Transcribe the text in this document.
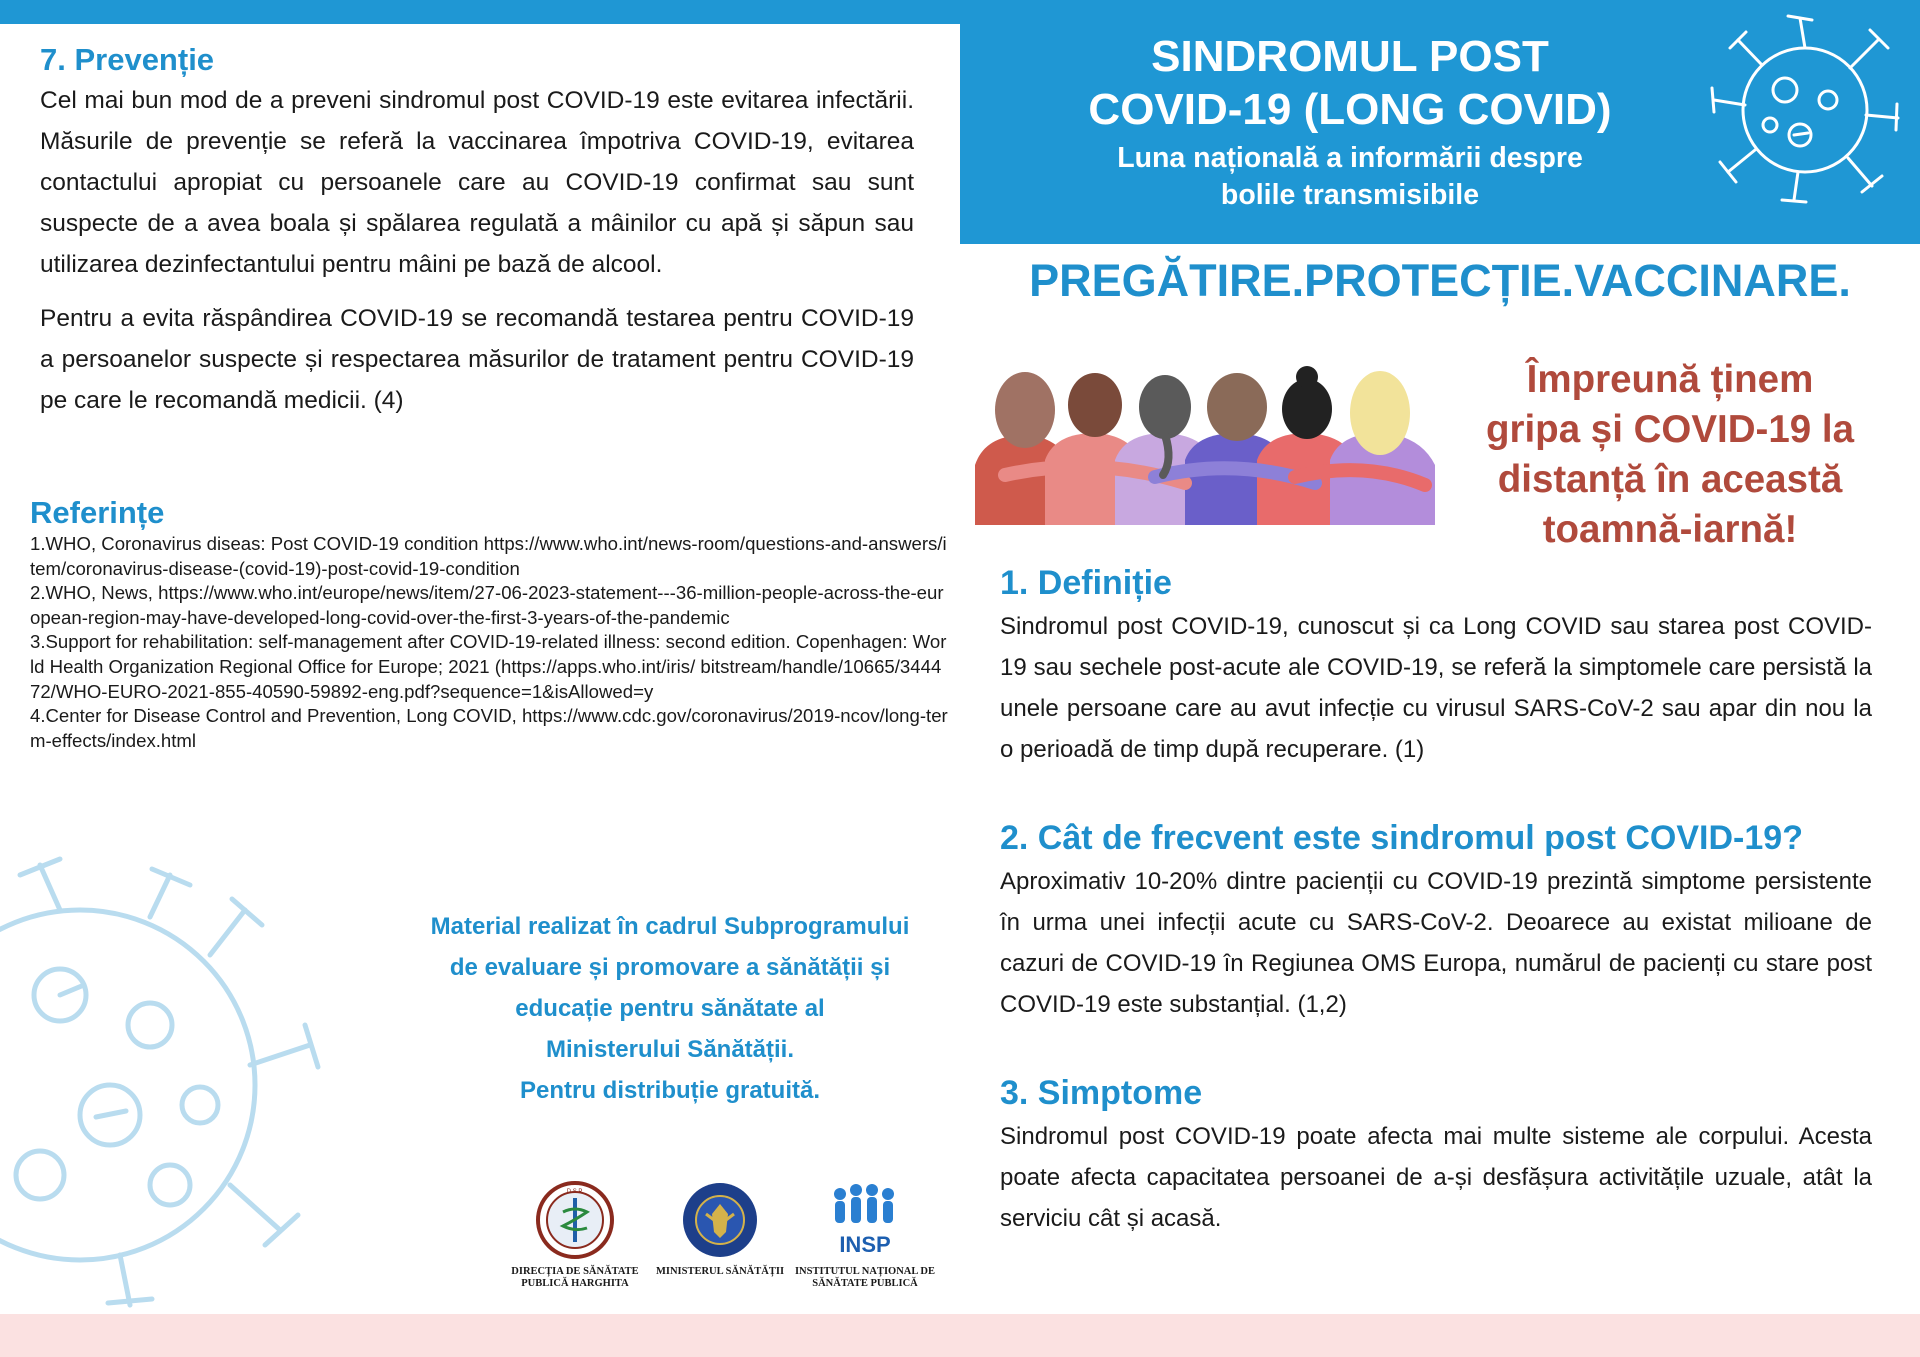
7. Prevenție

Cel mai bun mod de a preveni sindromul post COVID-19 este evitarea infectării. Măsurile de prevenție se referă la vaccinarea împotriva COVID-19, evitarea contactului apropiat cu persoanele care au COVID-19 confirmat sau sunt suspecte de a avea boala și spălarea regulată a mâinilor cu apă și săpun sau utilizarea dezinfectantului pentru mâini pe bază de alcool.

Pentru a evita răspândirea COVID-19 se recomandă testarea pentru COVID-19 a persoanelor suspecte și respectarea măsurilor de tratament pentru COVID-19 pe care le recomandă medicii. (4)

Referințe
1.WHO, Coronavirus diseas: Post COVID-19 condition https://www.who.int/news-room/questions-and-answers/item/coronavirus-disease-(covid-19)-post-covid-19-condition
2.WHO, News, https://www.who.int/europe/news/item/27-06-2023-statement---36-million-people-across-the-european-region-may-have-developed-long-covid-over-the-first-3-years-of-the-pandemic
3.Support for rehabilitation: self-management after COVID-19-related illness: second edition. Copenhagen: World Health Organization Regional Office for Europe; 2021 (https://apps.who.int/iris/ bitstream/handle/10665/344472/WHO-EURO-2021-855-40590-59892-eng.pdf?sequence=1&isAllowed=y
4.Center for Disease Control and Prevention, Long COVID, https://www.cdc.gov/coronavirus/2019-ncov/long-term-effects/index.html
Material realizat în cadrul Subprogramului
de evaluare și promovare a sănătății și
educație pentru sănătate al
Ministerului Sănătății.
Pentru distribuție gratuită.
D.S.P.
DIRECȚIA DE SĂNĂTATE PUBLICĂ HARGHITA
MINISTERUL SĂNĂTĂȚII
INSP
INSTITUTUL NAȚIONAL DE SĂNĂTATE PUBLICĂ
SINDROMUL POST
COVID-19 (LONG COVID)
Luna națională a informării despre
bolile transmisibile
PREGĂTIRE.PROTECȚIE.VACCINARE.
Împreună ținem
gripa și COVID-19 la
distanță în această
toamnă-iarnă!
1. Definiție

Sindromul post COVID-19, cunoscut și ca Long COVID sau starea post COVID-19 sau sechele post-acute ale COVID-19, se referă la simptomele care persistă la unele persoane care au avut infecție cu virusul SARS-CoV-2 sau apar din nou la o perioadă de timp după recuperare. (1)

2. Cât de frecvent este sindromul post COVID-19?

Aproximativ 10-20% dintre pacienții cu COVID-19 prezintă simptome persistente în urma unei infecții acute cu SARS-CoV-2. Deoarece au existat milioane de cazuri de COVID-19 în Regiunea OMS Europa, numărul de pacienți cu stare post COVID-19 este substanțial. (1,2)

3. Simptome

Sindromul post COVID-19 poate afecta mai multe sisteme ale corpului. Acesta poate afecta capacitatea persoanei de a-și desfășura activitățile uzuale, atât la serviciu cât și acasă.
